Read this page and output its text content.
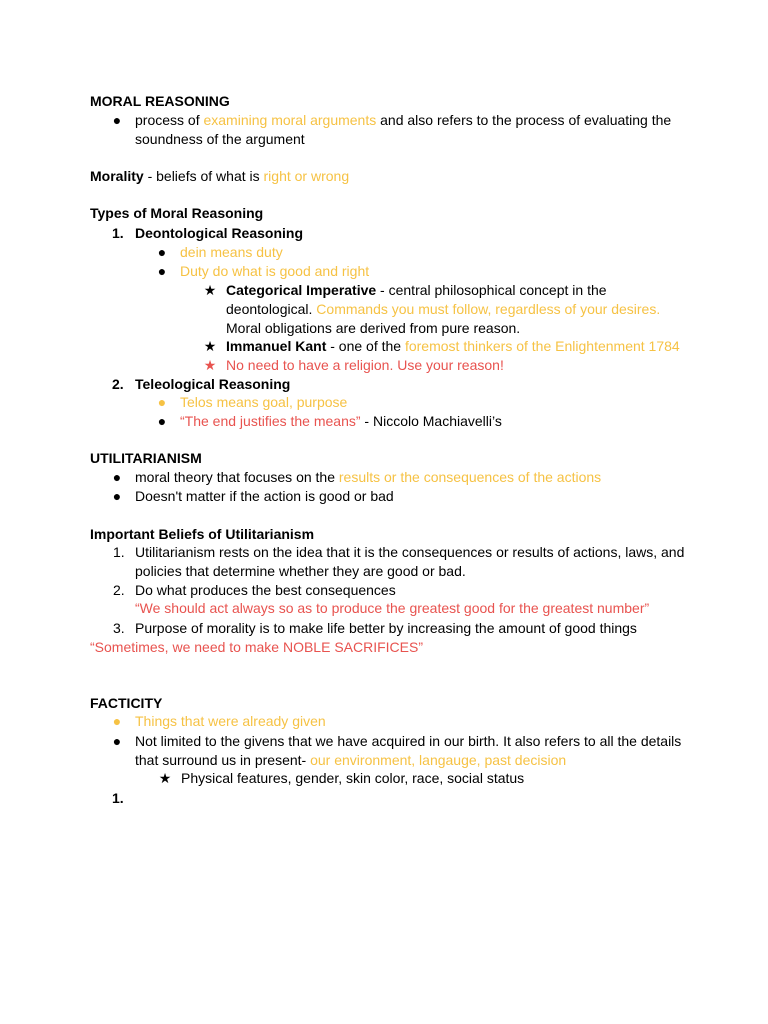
MORAL REASONING
● process of examining moral arguments and also refers to the process of evaluating the
soundness of the argument
Morality - beliefs of what is right or wrong
Types of Moral Reasoning
1. Deontological Reasoning
● dein means duty
● Duty do what is good and right
★ Categorical Imperative - central philosophical concept in the
deontological. Commands you must follow, regardless of your desires.
Moral obligations are derived from pure reason.
★ Immanuel Kant - one of the foremost thinkers of the Enlightenment 1784
★ No need to have a religion. Use your reason!
2. Teleological Reasoning
● Telos means goal, purpose
● “The end justifies the means” - Niccolo Machiavelli’s
UTILITARIANISM
● moral theory that focuses on the results or the consequences of the actions
● Doesn't matter if the action is good or bad
Important Beliefs of Utilitarianism
1. Utilitarianism rests on the idea that it is the consequences or results of actions, laws, and
policies that determine whether they are good or bad.
2. Do what produces the best consequences
“We should act always so as to produce the greatest good for the greatest number”
3. Purpose of morality is to make life better by increasing the amount of good things
“Sometimes, we need to make NOBLE SACRIFICES”
FACTICITY
● Things that were already given
● Not limited to the givens that we have acquired in our birth. It also refers to all the details
that surround us in present- our environment, langauge, past decision
★ Physical features, gender, skin color, race, social status
1.
